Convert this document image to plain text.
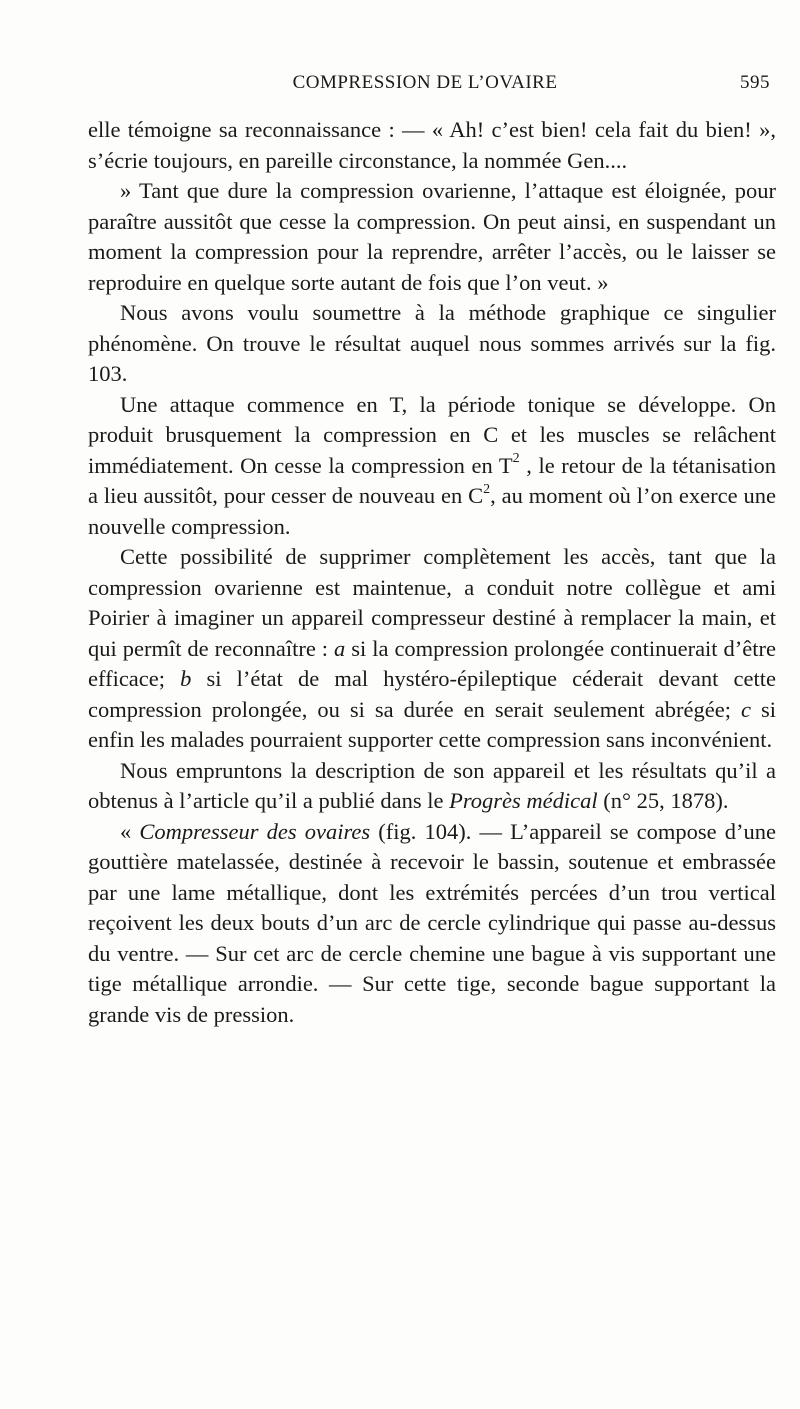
COMPRESSION DE L’OVAIRE	595

elle témoigne sa reconnaissance : — « Ah! c’est bien! cela fait du bien! », s’écrie toujours, en pareille circonstance, la nommée Gen....

» Tant que dure la compression ovarienne, l’attaque est éloignée, pour paraître aussitôt que cesse la compression. On peut ainsi, en suspendant un moment la compression pour la reprendre, arrêter l’accès, ou le laisser se reproduire en quelque sorte autant de fois que l’on veut. »

Nous avons voulu soumettre à la méthode graphique ce singulier phénomène. On trouve le résultat auquel nous sommes arrivés sur la fig. 103.

Une attaque commence en T, la période tonique se développe. On produit brusquement la compression en C et les muscles se relâchent immédiatement. On cesse la compression en $T^2$ , le retour de la tétanisation a lieu aussitôt, pour cesser de nouveau en $C^2$, au moment où l’on exerce une nouvelle compression.

Cette possibilité de supprimer complètement les accès, tant que la compression ovarienne est maintenue, a conduit notre collègue et ami Poirier à imaginer un appareil compresseur destiné à remplacer la main, et qui permît de reconnaître : a si la compression prolongée continuerait d’être efficace; b si l’état de mal hystéro-épileptique céderait devant cette compression prolongée, ou si sa durée en serait seulement abrégée; c si enfin les malades pourraient supporter cette compression sans inconvénient.

Nous empruntons la description de son appareil et les résultats qu’il a obtenus à l’article qu’il a publié dans le Progrès médical (n° 25, 1878).

« Compresseur des ovaires (fig. 104). — L’appareil se compose d’une gouttière matelassée, destinée à recevoir le bassin, soutenue et embrassée par une lame métallique, dont les extrémités percées d’un trou vertical reçoivent les deux bouts d’un arc de cercle cylindrique qui passe au-dessus du ventre. — Sur cet arc de cercle chemine une bague à vis supportant une tige métallique arrondie. — Sur cette tige, seconde bague supportant la grande vis de pression.
